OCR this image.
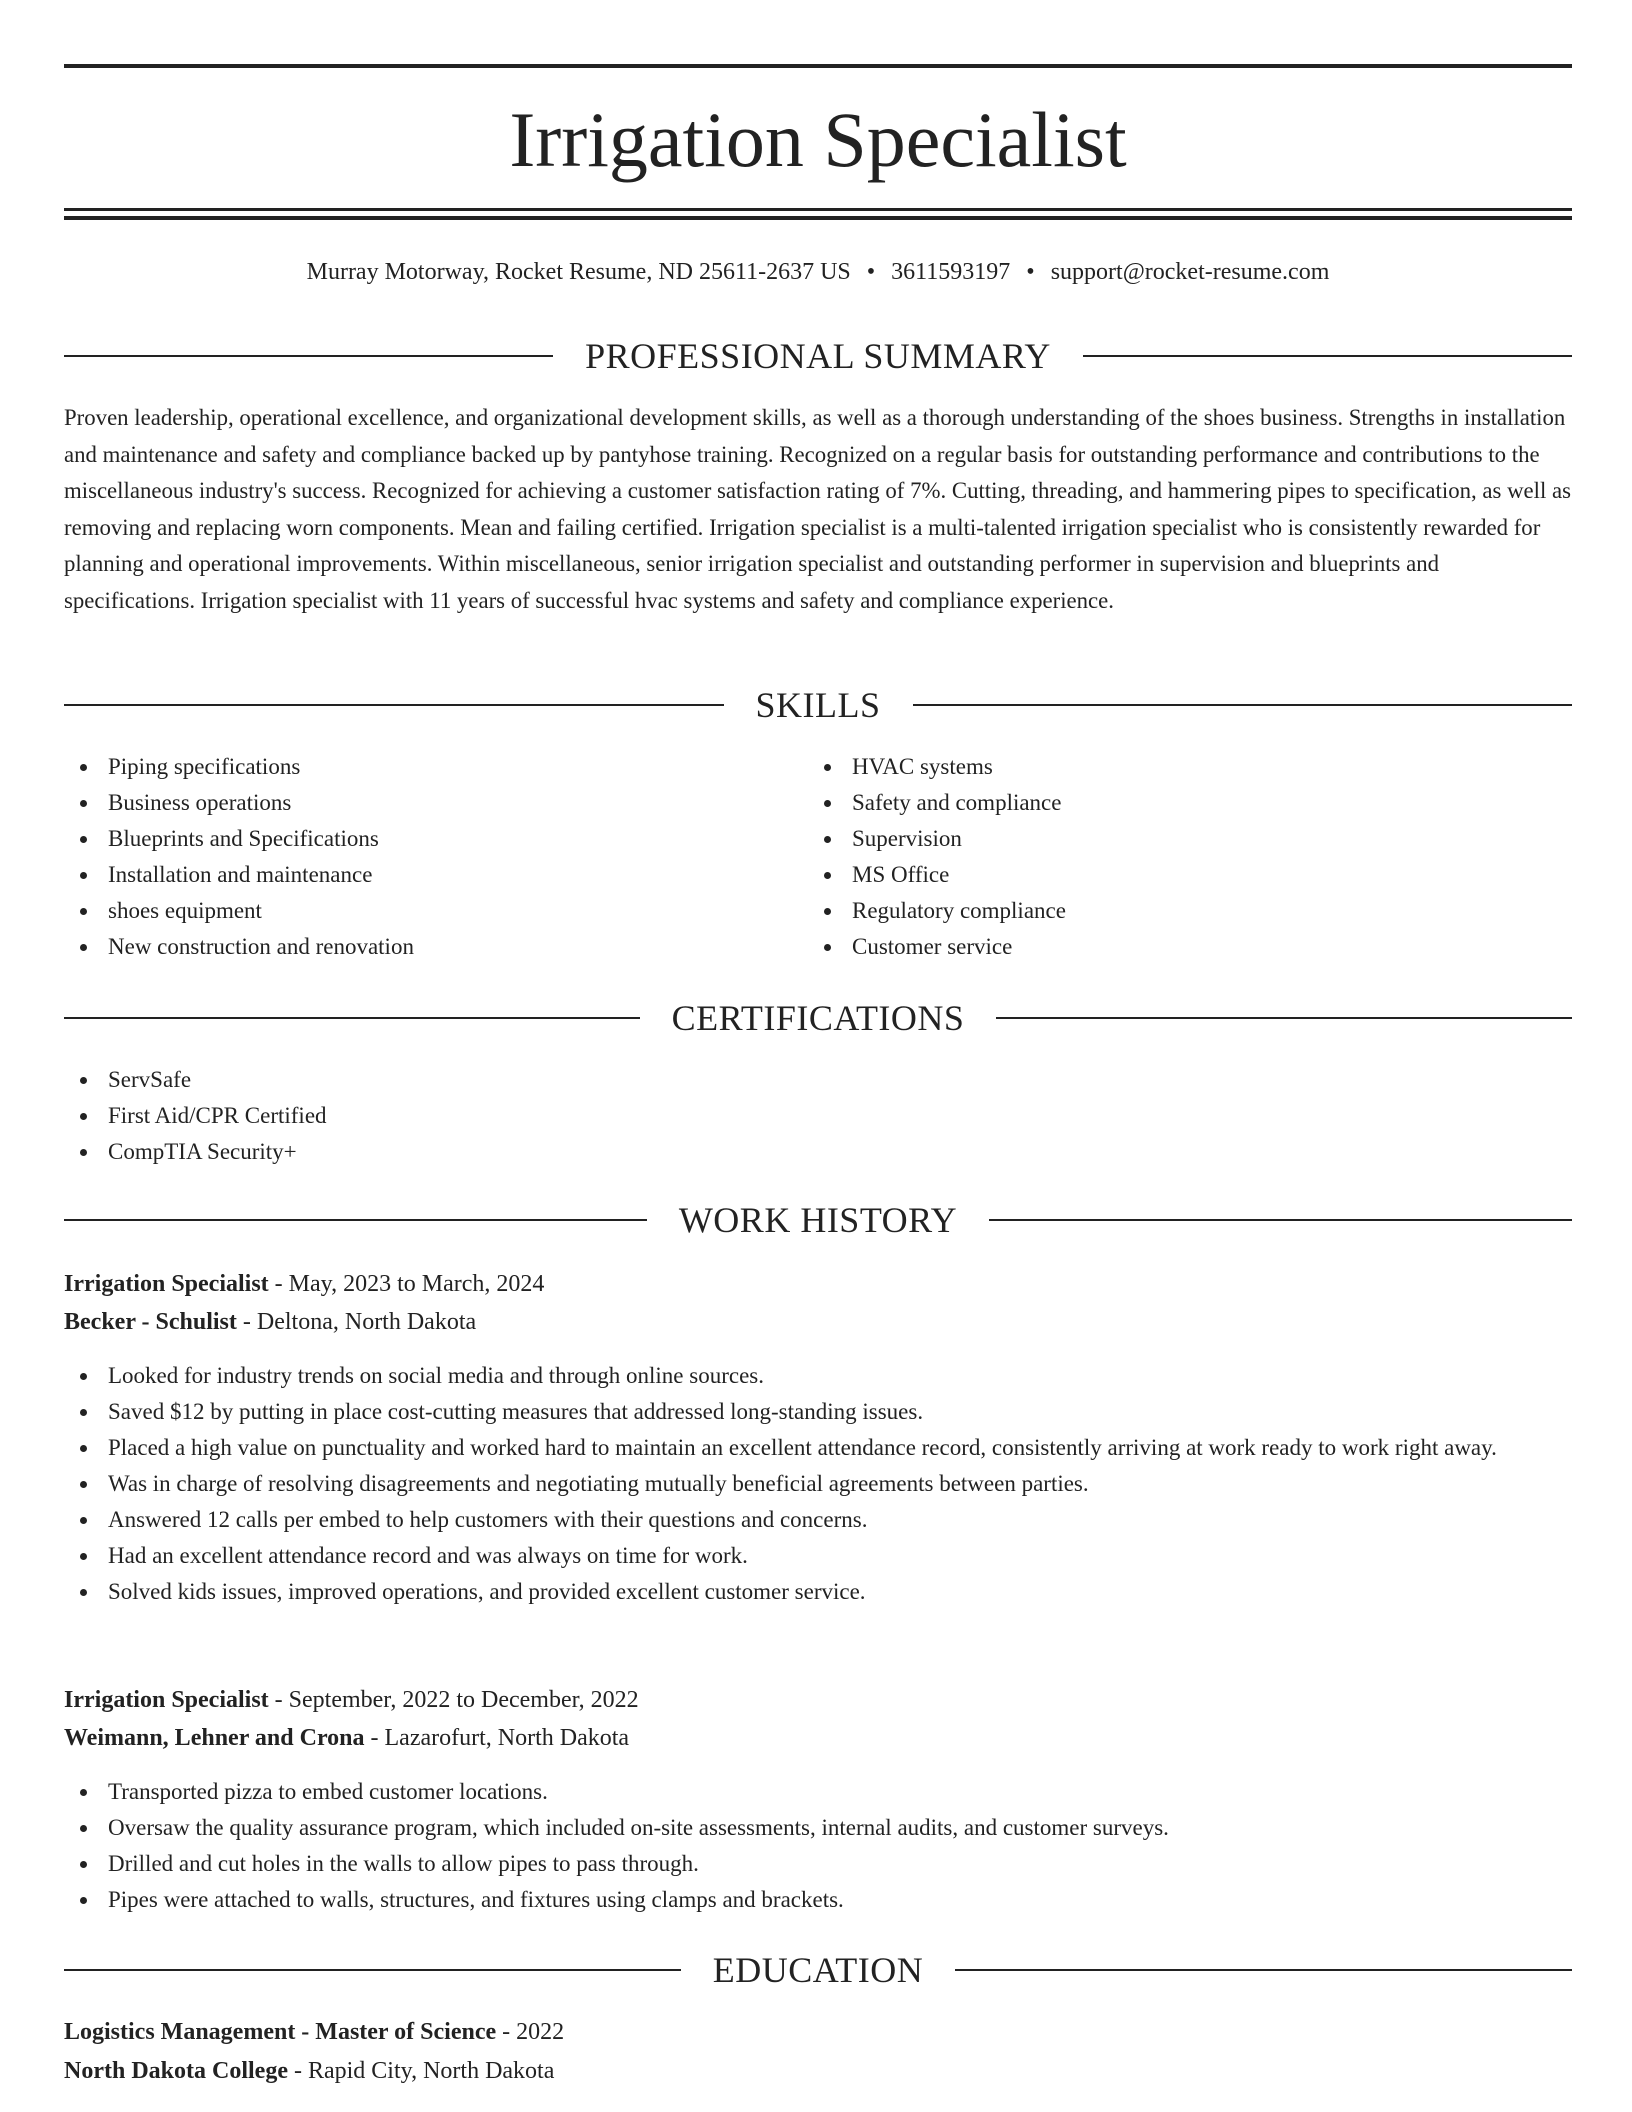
Irrigation Specialist
Murray Motorway, Rocket Resume, ND 25611-2637 US • 3611593197 • support@rocket-resume.com
PROFESSIONAL SUMMARY

Proven leadership, operational excellence, and organizational development skills, as well as a thorough understanding of the shoes business. Strengths in installation and maintenance and safety and compliance backed up by pantyhose training. Recognized on a regular basis for outstanding performance and contributions to the miscellaneous industry's success. Recognized for achieving a customer satisfaction rating of 7%. Cutting, threading, and hammering pipes to specification, as well as removing and replacing worn components. Mean and failing certified. Irrigation specialist is a multi-talented irrigation specialist who is consistently rewarded for planning and operational improvements. Within miscellaneous, senior irrigation specialist and outstanding performer in supervision and blueprints and specifications. Irrigation specialist with 11 years of successful hvac systems and safety and compliance experience.

SKILLS
Piping specifications
Business operations
Blueprints and Specifications
Installation and maintenance
shoes equipment
New construction and renovation
HVAC systems
Safety and compliance
Supervision
MS Office
Regulatory compliance
Customer service
CERTIFICATIONS
ServSafe
First Aid/CPR Certified
CompTIA Security+
WORK HISTORY
Irrigation Specialist - May, 2023 to March, 2024
Becker - Schulist - Deltona, North Dakota
Looked for industry trends on social media and through online sources.
Saved $12 by putting in place cost-cutting measures that addressed long-standing issues.
Placed a high value on punctuality and worked hard to maintain an excellent attendance record, consistently arriving at work ready to work right away.
Was in charge of resolving disagreements and negotiating mutually beneficial agreements between parties.
Answered 12 calls per embed to help customers with their questions and concerns.
Had an excellent attendance record and was always on time for work.
Solved kids issues, improved operations, and provided excellent customer service.
Irrigation Specialist - September, 2022 to December, 2022
Weimann, Lehner and Crona - Lazarofurt, North Dakota
Transported pizza to embed customer locations.
Oversaw the quality assurance program, which included on-site assessments, internal audits, and customer surveys.
Drilled and cut holes in the walls to allow pipes to pass through.
Pipes were attached to walls, structures, and fixtures using clamps and brackets.
EDUCATION
Logistics Management - Master of Science - 2022
North Dakota College - Rapid City, North Dakota
